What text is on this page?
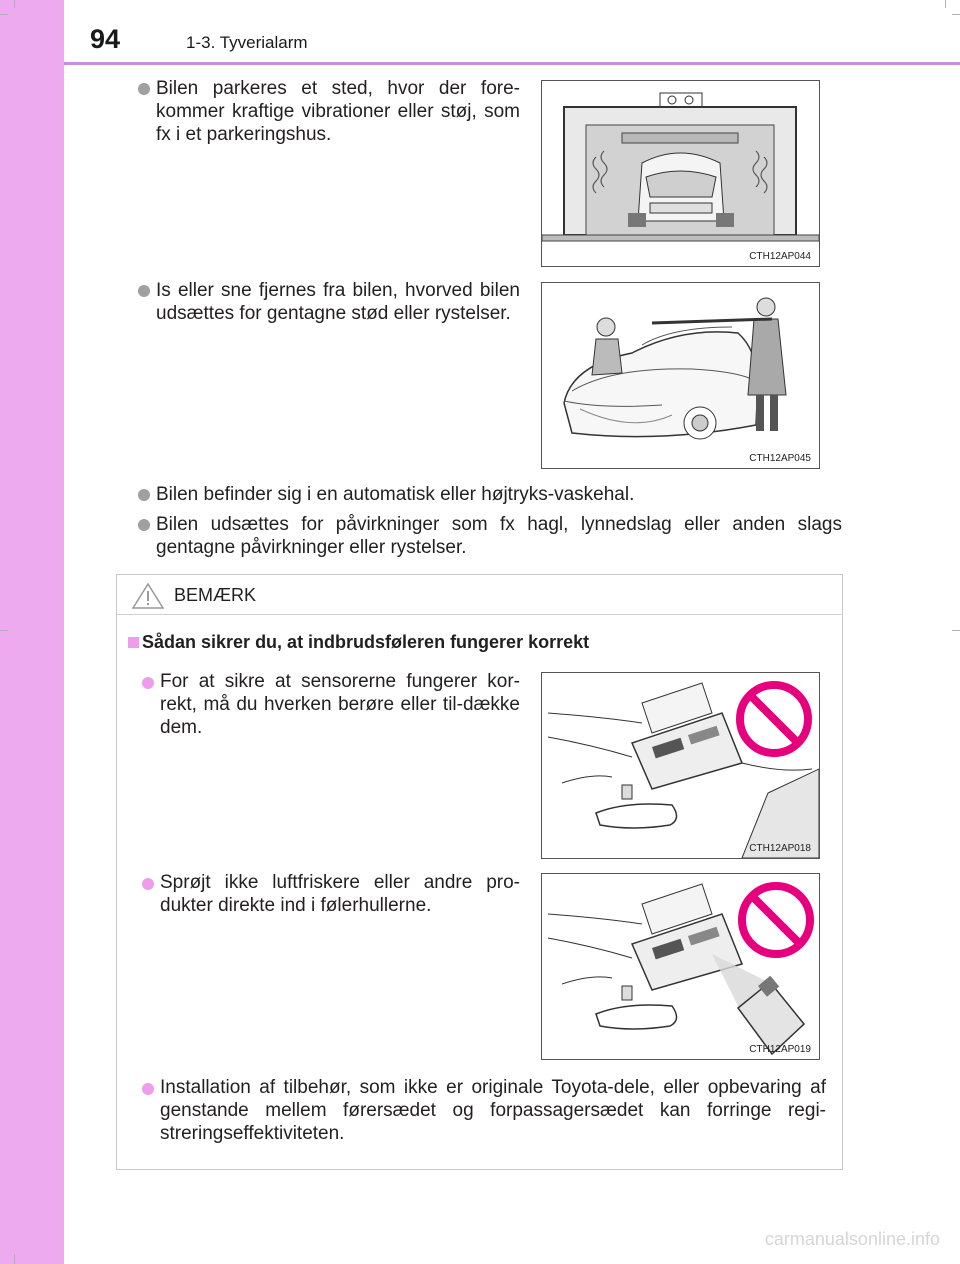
94	1-3. Tyverialarm
Bilen parkeres et sted, hvor der fore-kommer kraftige vibrationer eller støj, som fx i et parkeringshus.
CTH12AP044
Is eller sne fjernes fra bilen, hvorved bilen udsættes for gentagne stød eller rystelser.
CTH12AP045
Bilen befinder sig i en automatisk eller højtryks-vaskehal.
Bilen udsættes for påvirkninger som fx hagl, lynnedslag eller anden slags gentagne påvirkninger eller rystelser.
BEMÆRK
Sådan sikrer du, at indbrudsføleren fungerer korrekt
For at sikre at sensorerne fungerer kor-rekt, må du hverken berøre eller til-dække dem.
CTH12AP018
Sprøjt ikke luftfriskere eller andre pro-dukter direkte ind i følerhullerne.
CTH12AP019
Installation af tilbehør, som ikke er originale Toyota-dele, eller opbevaring af genstande mellem førersædet og forpassagersædet kan forringe regi-streringseffektiviteten.
carmanualsonline.info
